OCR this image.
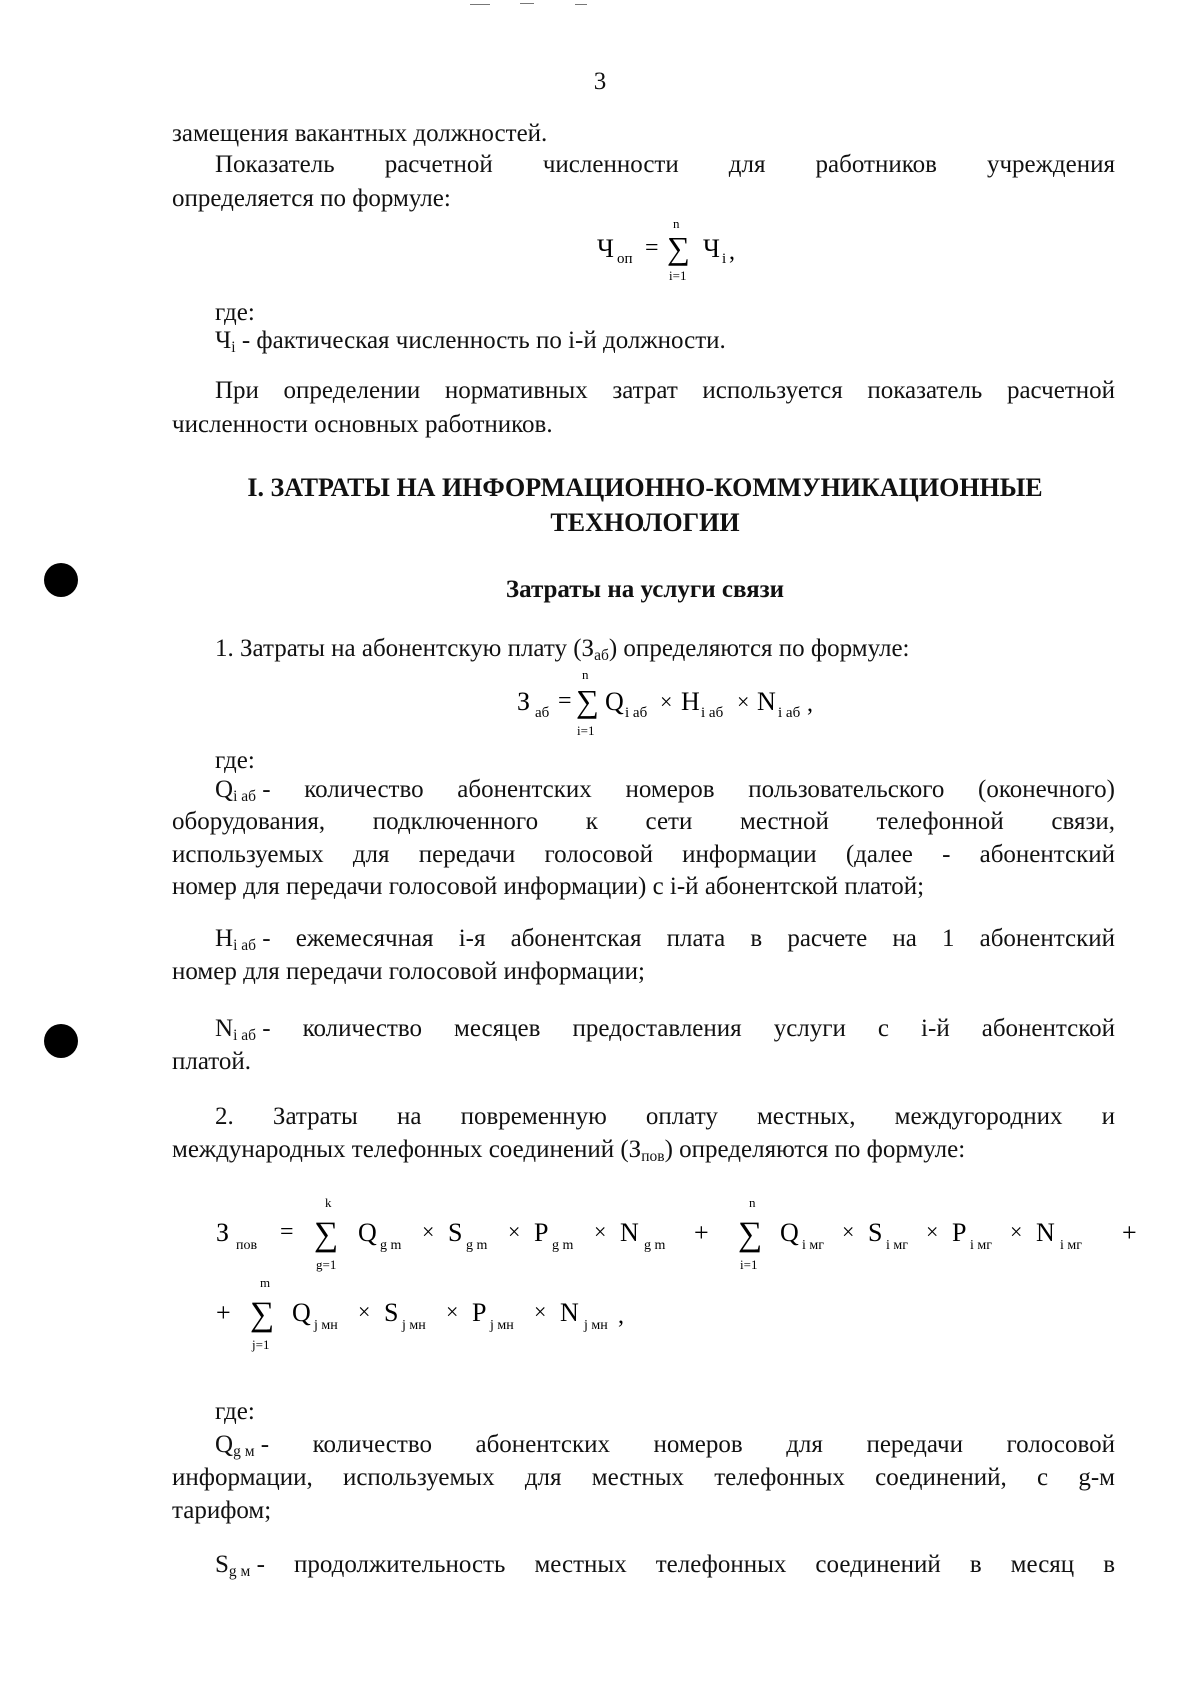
3
замещения вакантных должностей.
Показатель расчетной численности для работников учреждения
определяется по формуле:
Ч оп =
n
∑
i=1
Ч i ,
где:
$Ч_i$ - фактическая численность по i-й должности.
При определении нормативных затрат используется показатель расчетной
численности основных работников.
I. ЗАТРАТЫ НА ИНФОРМАЦИОННО-КОММУНИКАЦИОННЫЕ
ТЕХНОЛОГИИ
Затраты на услуги связи
1. Затраты на абонентскую плату $(З_{аб})$ определяются по формуле:
З аб =
n
∑
i=1
Q i аб × H i аб × N i аб ,
где:
$Q_{i аб}$ - количество абонентских номеров пользовательского (оконечного)
оборудования, подключенного к сети местной телефонной связи,
используемых для передачи голосовой информации (далее - абонентский
номер для передачи голосовой информации) с i-й абонентской платой;
$H_{i аб}$ - ежемесячная i-я абонентская плата в расчете на 1 абонентский
номер для передачи голосовой информации;
$N_{i аб}$ - количество месяцев предоставления услуги с i-й абонентской
платой.
2. Затраты на повременную оплату местных, междугородних и
международных телефонных соединений $(З_{пов})$ определяются по формуле:
З пов
=
k
∑
g=1
Q g m
× S g m
× P g m
× N g m +
n
∑
i=1
Q i мг
× S i мг
× P i мг
× N i мг +
+
m
∑
j=1
Q j мн
× S j мн
× P j мн
× N j мн ,
где:
$Q_{g м}$ - количество абонентских номеров для передачи голосовой
информации, используемых для местных телефонных соединений, с g-м
тарифом;
$S_{g м}$ - продолжительность местных телефонных соединений в месяц в
